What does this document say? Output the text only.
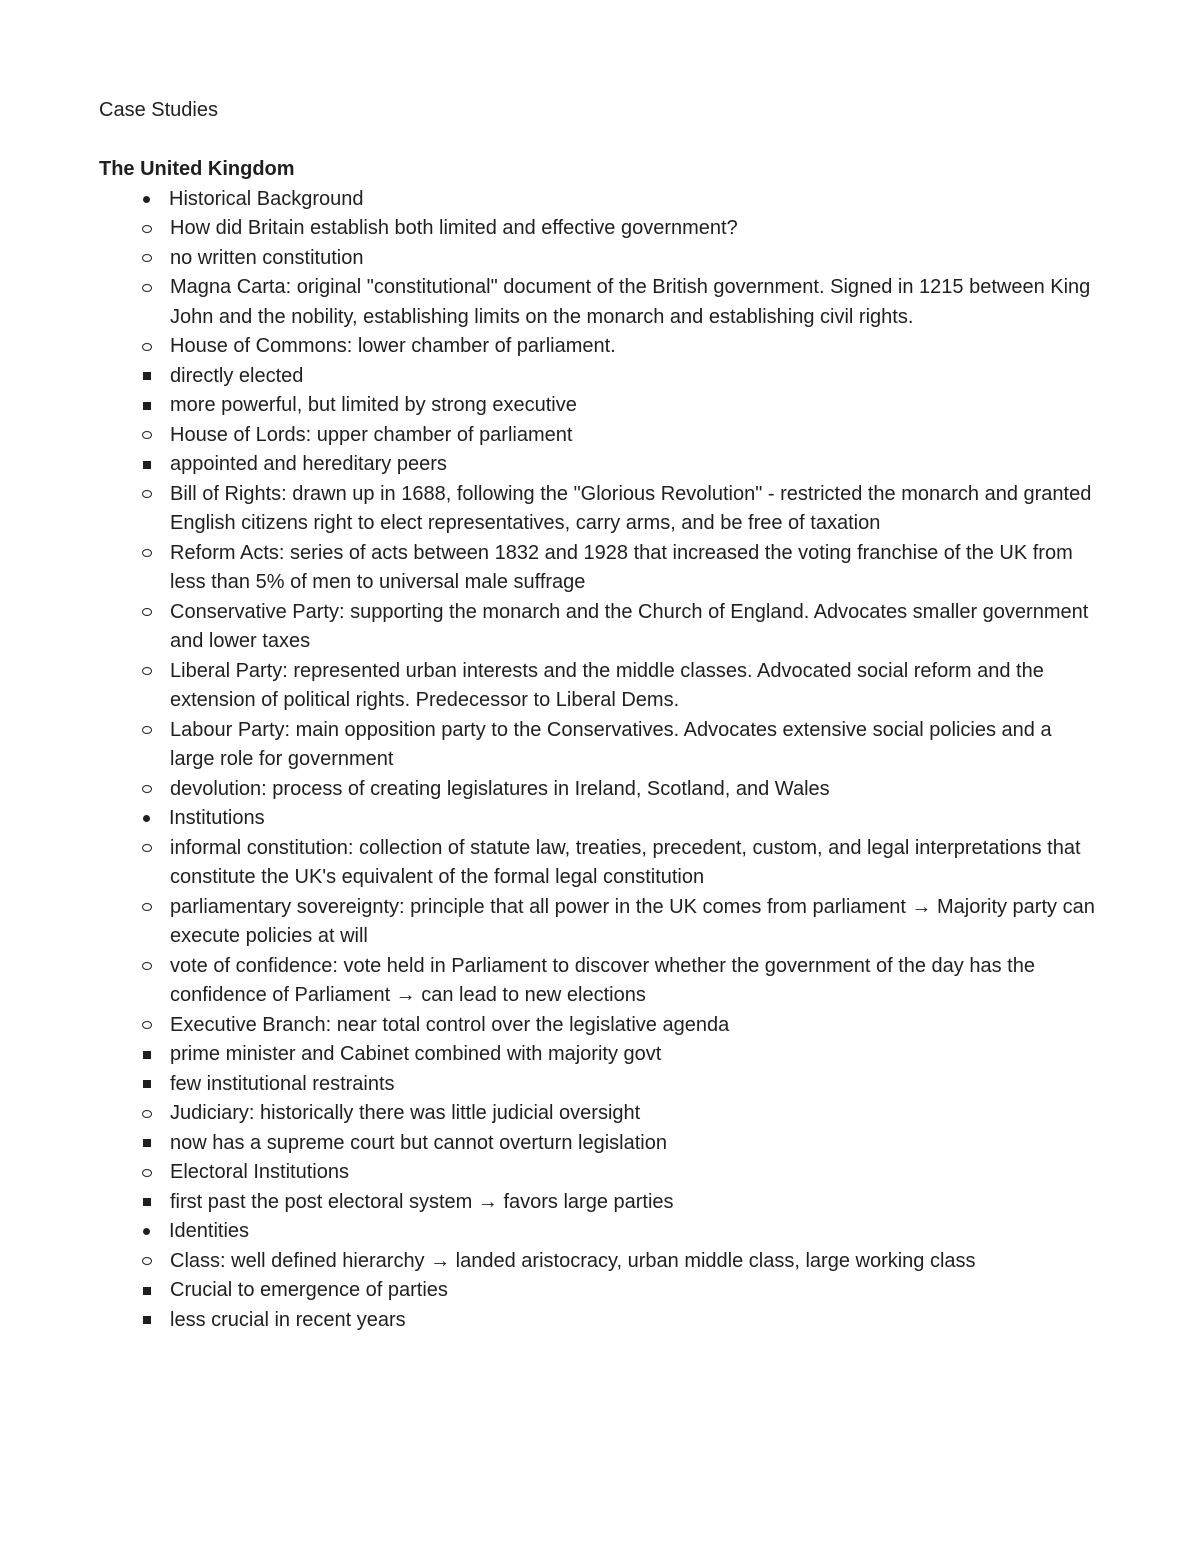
Case Studies

The United Kingdom

Historical Background
How did Britain establish both limited and effective government?
no written constitution
Magna Carta: original "constitutional" document of the British government. Signed in 1215 between King John and the nobility, establishing limits on the monarch and establishing civil rights.
House of Commons: lower chamber of parliament.
directly elected
more powerful, but limited by strong executive
House of Lords: upper chamber of parliament
appointed and hereditary peers
Bill of Rights: drawn up in 1688, following the "Glorious Revolution" - restricted the monarch and granted English citizens right to elect representatives, carry arms, and be free of taxation
Reform Acts: series of acts between 1832 and 1928 that increased the voting franchise of the UK from less than 5% of men to universal male suffrage
Conservative Party: supporting the monarch and the Church of England. Advocates smaller government and lower taxes
Liberal Party: represented urban interests and the middle classes. Advocated social reform and the extension of political rights. Predecessor to Liberal Dems.
Labour Party: main opposition party to the Conservatives. Advocates extensive social policies and a large role for government
devolution: process of creating legislatures in Ireland, Scotland, and Wales
Institutions
informal constitution: collection of statute law, treaties, precedent, custom, and legal interpretations that constitute the UK's equivalent of the formal legal constitution
parliamentary sovereignty: principle that all power in the UK comes from parliament → Majority party can execute policies at will
vote of confidence: vote held in Parliament to discover whether the government of the day has the confidence of Parliament → can lead to new elections
Executive Branch: near total control over the legislative agenda
prime minister and Cabinet combined with majority govt
few institutional restraints
Judiciary: historically there was little judicial oversight
now has a supreme court but cannot overturn legislation
Electoral Institutions
first past the post electoral system → favors large parties
Identities
Class: well defined hierarchy → landed aristocracy, urban middle class, large working class
Crucial to emergence of parties
less crucial in recent years
